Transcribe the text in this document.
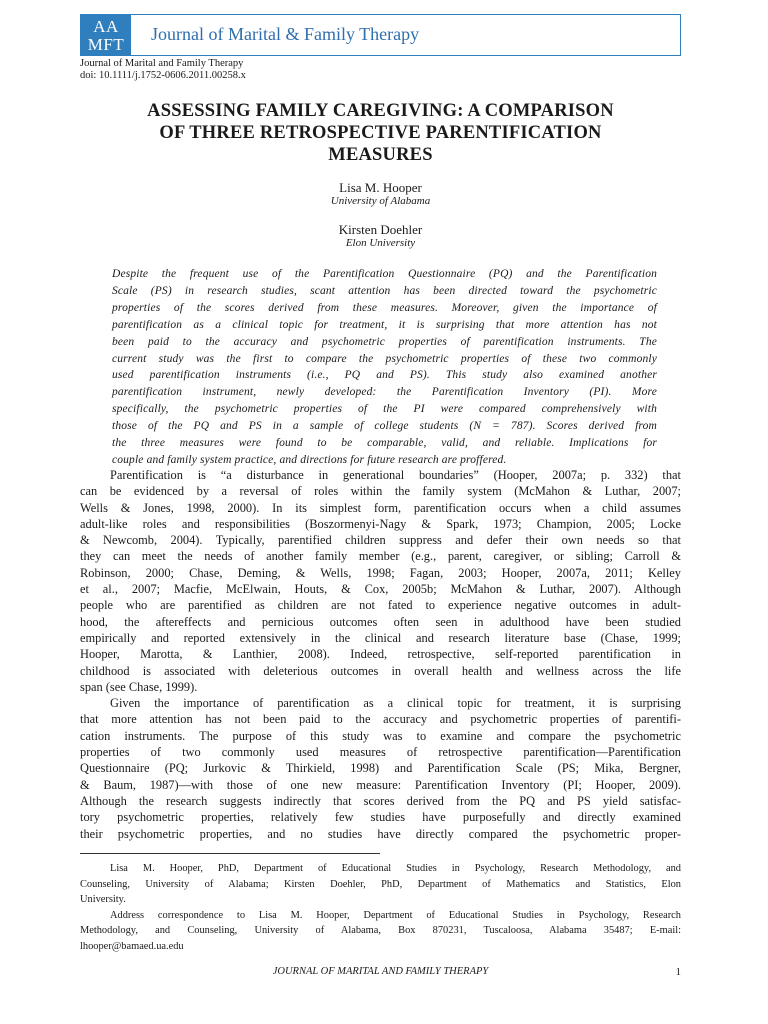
AA
MFT
Journal of Marital & Family Therapy
Journal of Marital and Family Therapy
doi: 10.1111/j.1752-0606.2011.00258.x
ASSESSING FAMILY CAREGIVING: A COMPARISON
OF THREE RETROSPECTIVE PARENTIFICATION
MEASURES
Lisa M. Hooper
University of Alabama
Kirsten Doehler
Elon University
Despite the frequent use of the Parentification Questionnaire (PQ) and the Parentification
Scale (PS) in research studies, scant attention has been directed toward the psychometric
properties of the scores derived from these measures. Moreover, given the importance of
parentification as a clinical topic for treatment, it is surprising that more attention has not
been paid to the accuracy and psychometric properties of parentification instruments. The
current study was the first to compare the psychometric properties of these two commonly
used parentification instruments (i.e., PQ and PS). This study also examined another
parentification instrument, newly developed: the Parentification Inventory (PI). More
specifically, the psychometric properties of the PI were compared comprehensively with
those of the PQ and PS in a sample of college students (N = 787). Scores derived from
the three measures were found to be comparable, valid, and reliable. Implications for
couple and family system practice, and directions for future research are proffered.
Parentification is “a disturbance in generational boundaries” (Hooper, 2007a; p. 332) that
can be evidenced by a reversal of roles within the family system (McMahon & Luthar, 2007;
Wells & Jones, 1998, 2000). In its simplest form, parentification occurs when a child assumes
adult-like roles and responsibilities (Boszormenyi-Nagy & Spark, 1973; Champion, 2005; Locke
& Newcomb, 2004). Typically, parentified children suppress and defer their own needs so that
they can meet the needs of another family member (e.g., parent, caregiver, or sibling; Carroll &
Robinson, 2000; Chase, Deming, & Wells, 1998; Fagan, 2003; Hooper, 2007a, 2011; Kelley
et al., 2007; Macfie, McElwain, Houts, & Cox, 2005b; McMahon & Luthar, 2007). Although
people who are parentified as children are not fated to experience negative outcomes in adult-
hood, the aftereffects and pernicious outcomes often seen in adulthood have been studied
empirically and reported extensively in the clinical and research literature base (Chase, 1999;
Hooper, Marotta, & Lanthier, 2008). Indeed, retrospective, self-reported parentification in
childhood is associated with deleterious outcomes in overall health and wellness across the life
span (see Chase, 1999).
Given the importance of parentification as a clinical topic for treatment, it is surprising
that more attention has not been paid to the accuracy and psychometric properties of parentifi-
cation instruments. The purpose of this study was to examine and compare the psychometric
properties of two commonly used measures of retrospective parentification—Parentification
Questionnaire (PQ; Jurkovic & Thirkield, 1998) and Parentification Scale (PS; Mika, Bergner,
& Baum, 1987)—with those of one new measure: Parentification Inventory (PI; Hooper, 2009).
Although the research suggests indirectly that scores derived from the PQ and PS yield satisfac-
tory psychometric properties, relatively few studies have purposefully and directly examined
their psychometric properties, and no studies have directly compared the psychometric proper-
Lisa M. Hooper, PhD, Department of Educational Studies in Psychology, Research Methodology, and
Counseling, University of Alabama; Kirsten Doehler, PhD, Department of Mathematics and Statistics, Elon
University.
Address correspondence to Lisa M. Hooper, Department of Educational Studies in Psychology, Research
Methodology, and Counseling, University of Alabama, Box 870231, Tuscaloosa, Alabama 35487; E-mail:
lhooper@bamaed.ua.edu
JOURNAL OF MARITAL AND FAMILY THERAPY	1
